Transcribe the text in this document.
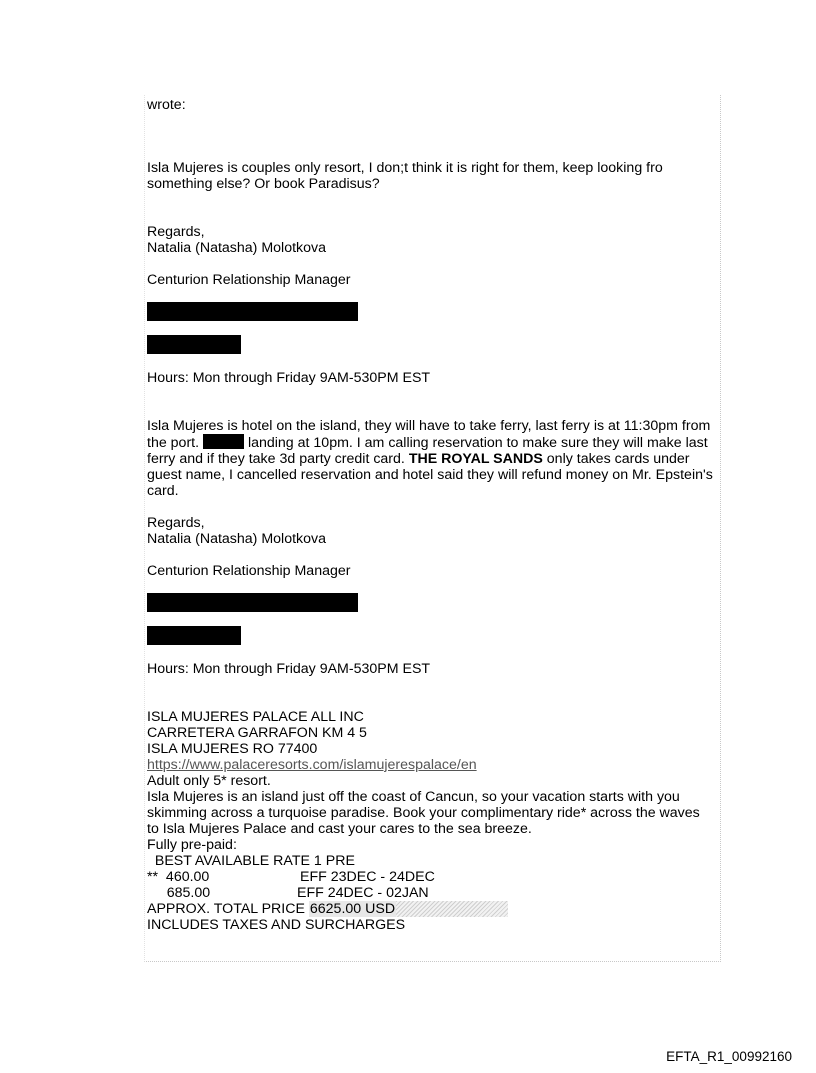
wrote:
Isla Mujeres is couples only resort, I don;t think it is right for them, keep looking fro something else? Or book Paradisus?
Regards,
Natalia (Natasha) Molotkova
Centurion Relationship Manager
Hours: Mon through Friday 9AM-530PM EST
Isla Mujeres is hotel on the island, they will have to take ferry, last ferry is at 11:30pm from the port.	landing at 10pm. I am calling reservation to make sure they will make last ferry and if they take 3d party credit card. THE ROYAL SANDS only takes cards under guest name, I cancelled reservation and hotel said they will refund money on Mr. Epstein's card.
Regards,
Natalia (Natasha) Molotkova
Centurion Relationship Manager
Hours: Mon through Friday 9AM-530PM EST
ISLA MUJERES PALACE ALL INC
CARRETERA GARRAFON KM 4 5
ISLA MUJERES RO 77400
https://www.palaceresorts.com/islamujerespalace/en
Adult only 5* resort.
Isla Mujeres is an island just off the coast of Cancun, so your vacation starts with you skimming across a turquoise paradise. Book your complimentary ride* across the waves to Isla Mujeres Palace and cast your cares to the sea breeze.
Fully pre-paid:
BEST AVAILABLE RATE 1 PRE
**  460.00	EFF 23DEC - 24DEC
685.00	EFF 24DEC - 02JAN
APPROX. TOTAL PRICE 6625.00 USD
INCLUDES TAXES AND SURCHARGES
EFTA_R1_00992160
